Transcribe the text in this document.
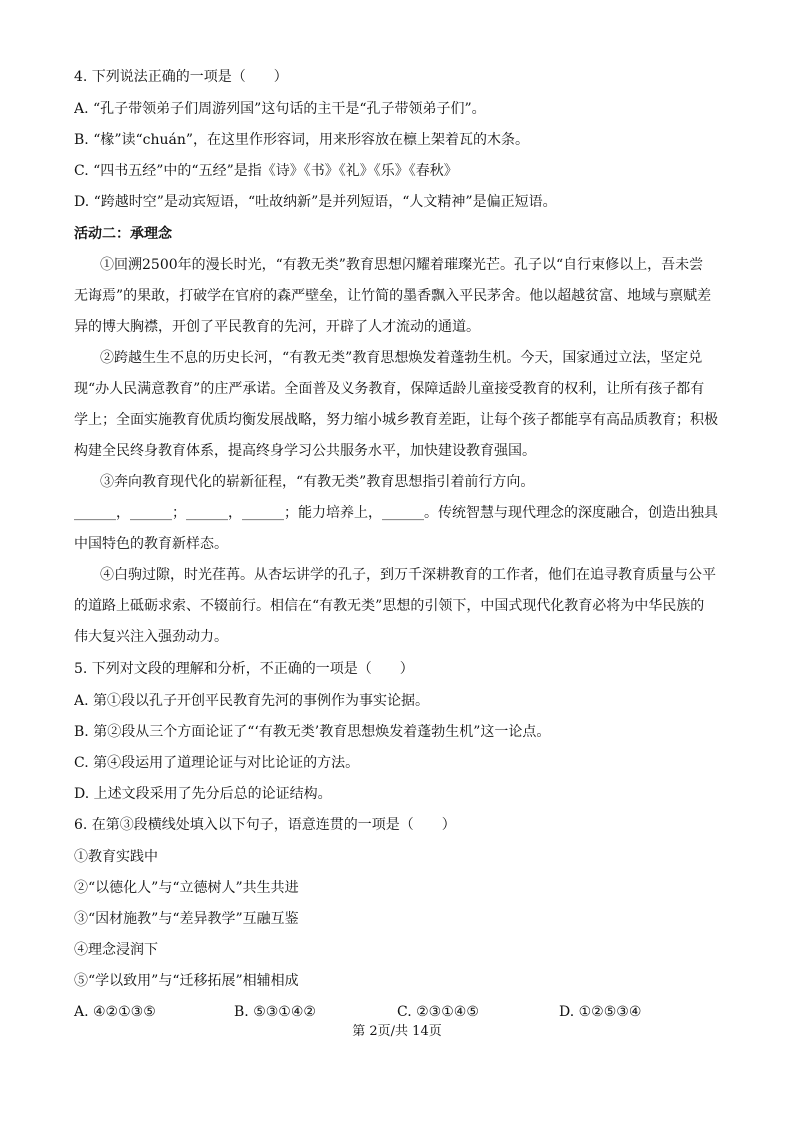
4. 下列说法正确的一项是（　　）
A. “孔子带领弟子们周游列国”这句话的主干是“孔子带领弟子们”。
B. “椽”读“chuán”，在这里作形容词，用来形容放在檩上架着瓦的木条。
C. “四书五经”中的“五经”是指《诗》《书》《礼》《乐》《春秋》
D. “跨越时空”是动宾短语，“吐故纳新”是并列短语，“人文精神”是偏正短语。
活动二：承理念
①回溯2500年的漫长时光，“有教无类”教育思想闪耀着璀璨光芒。孔子以“自行束修以上，吾未尝
无诲焉”的果敢，打破学在官府的森严壁垒，让竹简的墨香飘入平民茅舍。他以超越贫富、地域与禀赋差
异的博大胸襟，开创了平民教育的先河，开辟了人才流动的通道。
②跨越生生不息的历史长河，“有教无类”教育思想焕发着蓬勃生机。今天，国家通过立法，坚定兑
现“办人民满意教育”的庄严承诺。全面普及义务教育，保障适龄儿童接受教育的权利，让所有孩子都有
学上；全面实施教育优质均衡发展战略，努力缩小城乡教育差距，让每个孩子都能享有高品质教育；积极
构建全民终身教育体系，提高终身学习公共服务水平，加快建设教育强国。
③奔向教育现代化的崭新征程，“有教无类”教育思想指引着前行方向。
______，______；______，______；能力培养上，______。传统智慧与现代理念的深度融合，创造出独具
中国特色的教育新样态。
④白驹过隙，时光荏苒。从杏坛讲学的孔子，到万千深耕教育的工作者，他们在追寻教育质量与公平
的道路上砥砺求索、不辍前行。相信在“有教无类”思想的引领下，中国式现代化教育必将为中华民族的
伟大复兴注入强劲动力。
5. 下列对文段的理解和分析，不正确的一项是（　　）
A. 第①段以孔子开创平民教育先河的事例作为事实论据。
B. 第②段从三个方面论证了“‘有教无类’教育思想焕发着蓬勃生机”这一论点。
C. 第④段运用了道理论证与对比论证的方法。
D. 上述文段采用了先分后总的论证结构。
6. 在第③段横线处填入以下句子，语意连贯的一项是（　　）
①教育实践中
②“以德化人”与“立德树人”共生共进
③“因材施教”与“差异教学”互融互鉴
④理念浸润下
⑤“学以致用”与“迁移拓展”相辅相成
A. ④②①③⑤	B. ⑤③①④②	C. ②③①④⑤	D. ①②⑤③④
第 2页/共 14页
